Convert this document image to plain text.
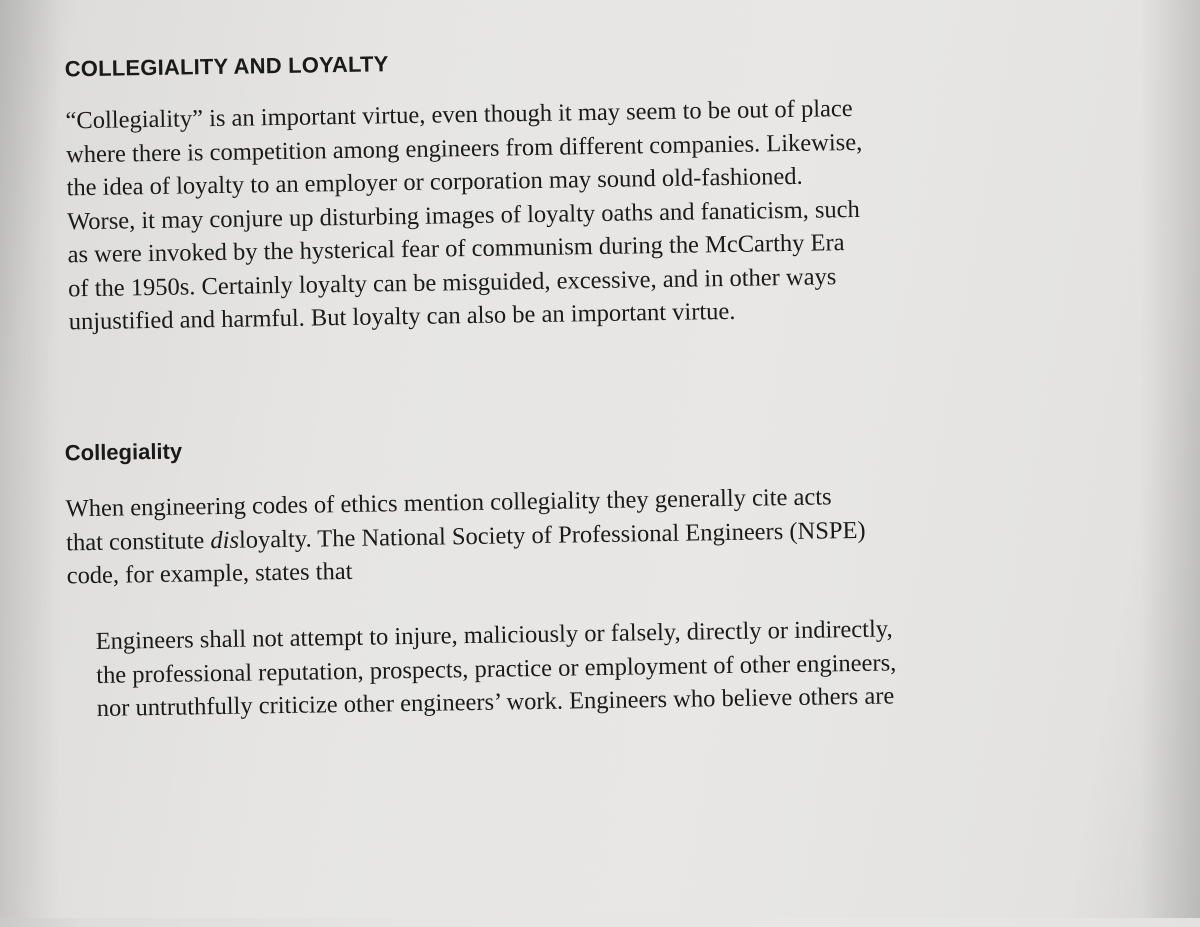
COLLEGIALITY AND LOYALTY

“Collegiality” is an important virtue, even though it may seem to be out of place
where there is competition among engineers from different companies. Likewise,
the idea of loyalty to an employer or corporation may sound old-fashioned.
Worse, it may conjure up disturbing images of loyalty oaths and fanaticism, such
as were invoked by the hysterical fear of communism during the McCarthy Era
of the 1950s. Certainly loyalty can be misguided, excessive, and in other ways
unjustified and harmful. But loyalty can also be an important virtue.

Collegiality

When engineering codes of ethics mention collegiality they generally cite acts
that constitute disloyalty. The National Society of Professional Engineers (NSPE)
code, for example, states that

Engineers shall not attempt to injure, maliciously or falsely, directly or indirectly,
the professional reputation, prospects, practice or employment of other engineers,
nor untruthfully criticize other engineers’ work. Engineers who believe others are
